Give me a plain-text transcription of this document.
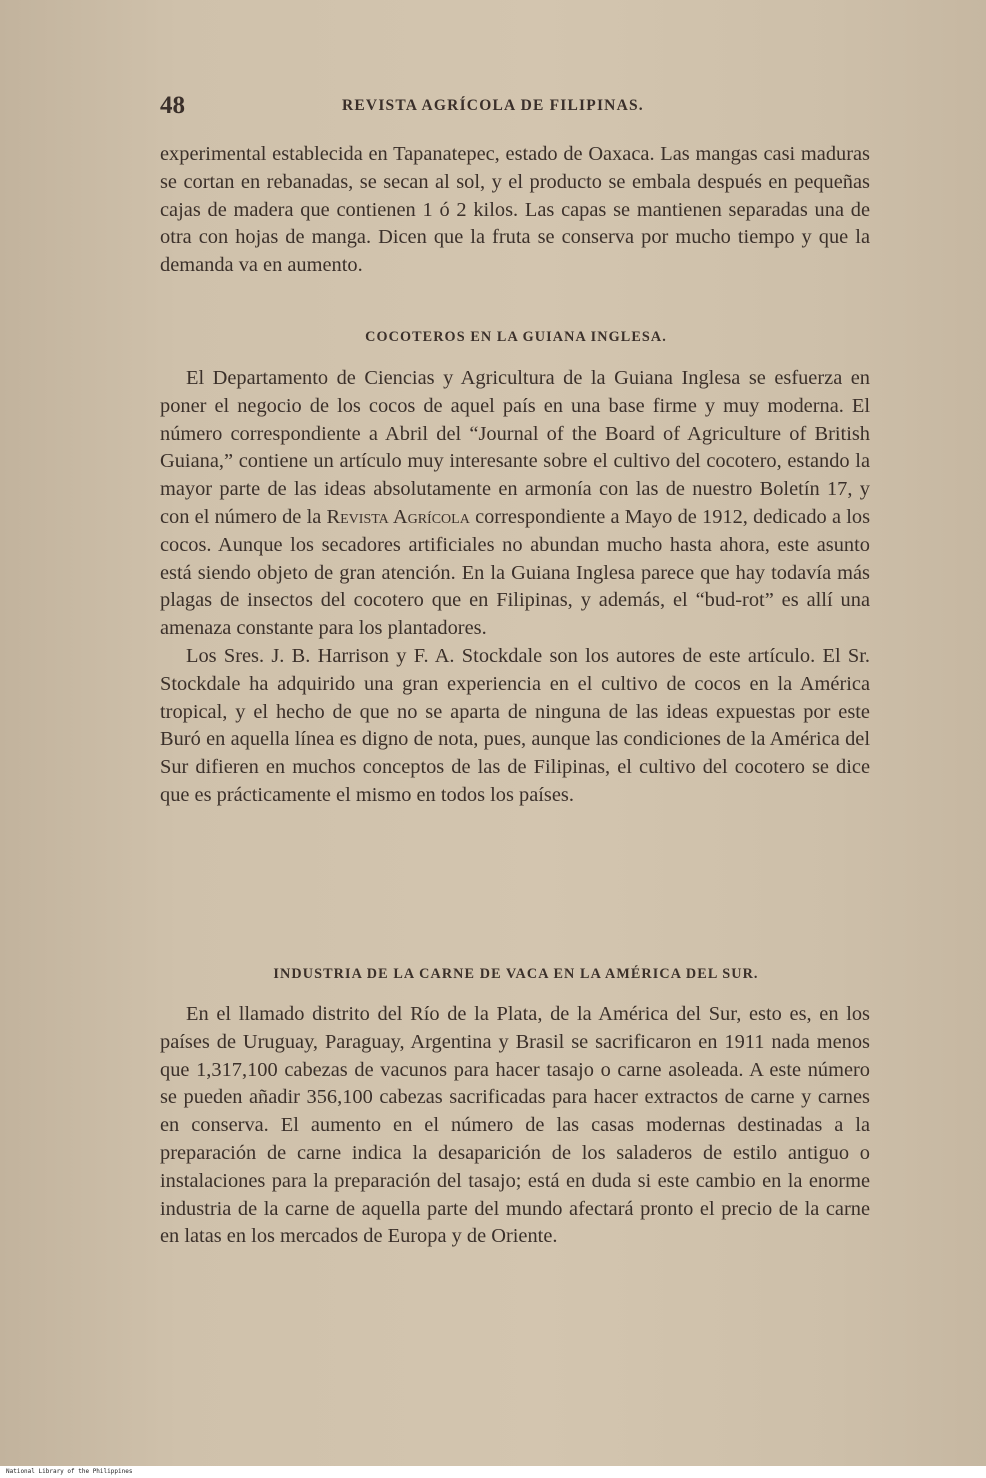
48	REVISTA AGRÍCOLA DE FILIPINAS.

experimental establecida en Tapanatepec, estado de Oaxaca. Las mangas casi maduras se cortan en rebanadas, se secan al sol, y el producto se embala después en pequeñas cajas de madera que contienen 1 ó 2 kilos. Las capas se mantienen separadas una de otra con hojas de manga. Dicen que la fruta se conserva por mucho tiempo y que la demanda va en aumento.

COCOTEROS EN LA GUIANA INGLESA.

El Departamento de Ciencias y Agricultura de la Guiana Inglesa se esfuerza en poner el negocio de los cocos de aquel país en una base firme y muy moderna. El número correspondiente a Abril del “Journal of the Board of Agriculture of British Guiana,” contiene un artículo muy interesante sobre el cultivo del cocotero, estando la mayor parte de las ideas absolutamente en armonía con las de nuestro Boletín 17, y con el número de la Revista Agrícola correspondiente a Mayo de 1912, dedicado a los cocos. Aunque los secadores artificiales no abundan mucho hasta ahora, este asunto está siendo objeto de gran atención. En la Guiana Inglesa parece que hay todavía más plagas de insectos del cocotero que en Filipinas, y además, el “bud-rot” es allí una amenaza constante para los plantadores.

Los Sres. J. B. Harrison y F. A. Stockdale son los autores de este artículo. El Sr. Stockdale ha adquirido una gran experiencia en el cultivo de cocos en la América tropical, y el hecho de que no se aparta de ninguna de las ideas expuestas por este Buró en aquella línea es digno de nota, pues, aunque las condiciones de la América del Sur difieren en muchos conceptos de las de Filipinas, el cultivo del cocotero se dice que es prácticamente el mismo en todos los países.

INDUSTRIA DE LA CARNE DE VACA EN LA AMÉRICA DEL SUR.

En el llamado distrito del Río de la Plata, de la América del Sur, esto es, en los países de Uruguay, Paraguay, Argentina y Brasil se sacrificaron en 1911 nada menos que 1,317,100 cabezas de vacunos para hacer tasajo o carne asoleada. A este número se pueden añadir 356,100 cabezas sacrificadas para hacer extractos de carne y carnes en conserva. El aumento en el número de las casas modernas destinadas a la preparación de carne indica la desaparición de los saladeros de estilo antiguo o instalaciones para la preparación del tasajo; está en duda si este cambio en la enorme industria de la carne de aquella parte del mundo afectará pronto el precio de la carne en latas en los mercados de Europa y de Oriente.

National Library of the Philippines
